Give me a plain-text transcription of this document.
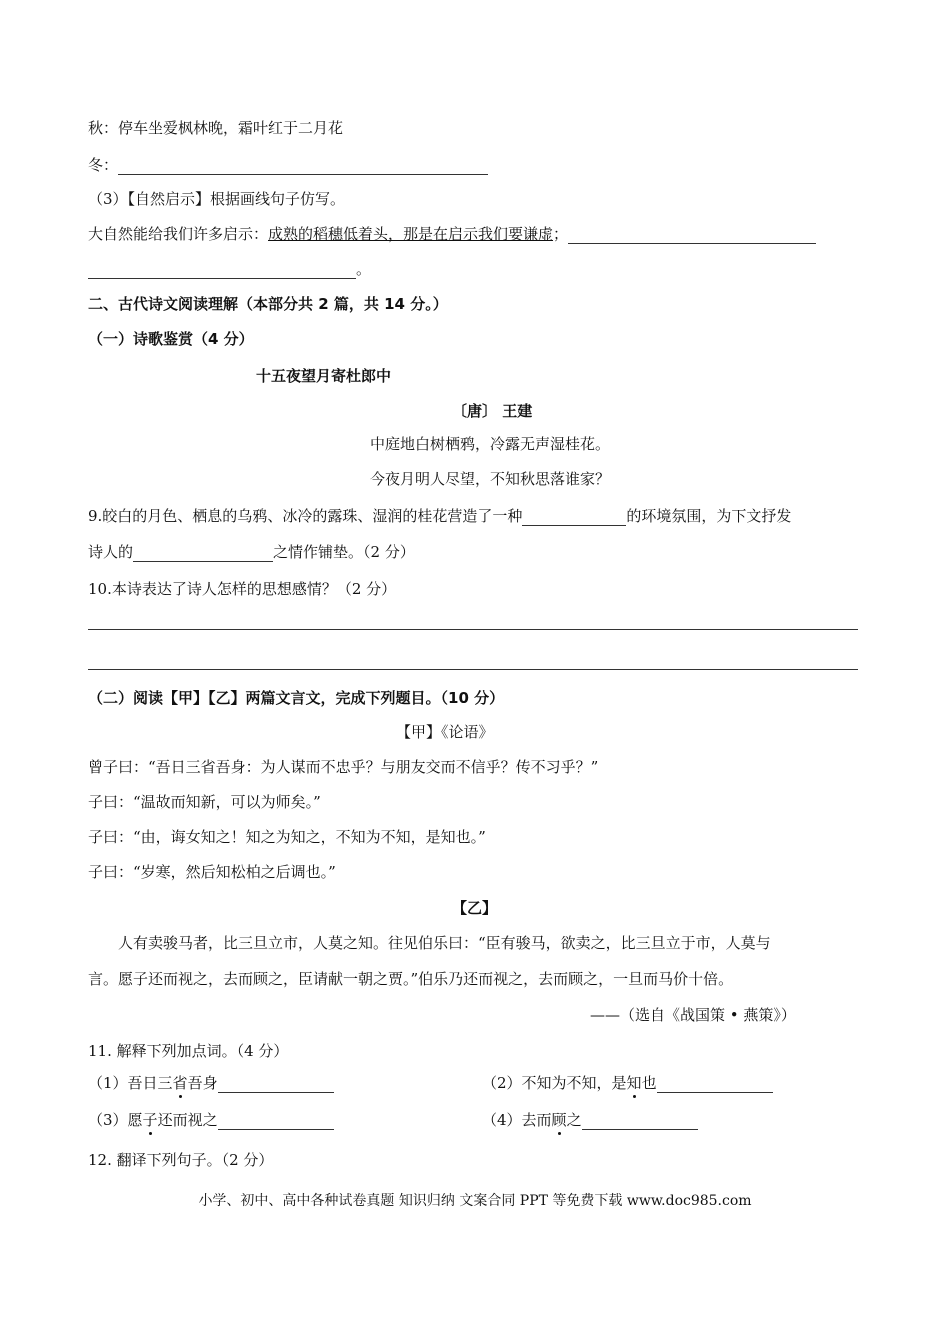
秋：停车坐爱枫林晚，霜叶红于二月花
冬：
（3）【自然启示】根据画线句子仿写。
大自然能给我们许多启示：成熟的稻穗低着头，那是在启示我们要谦虚；
。
二、古代诗文阅读理解（本部分共 2 篇，共 14 分。）
（一）诗歌鉴赏（4 分）
十五夜望月寄杜郎中
〔唐〕 王建
中庭地白树栖鸦，冷露无声湿桂花。
今夜月明人尽望，不知秋思落谁家？
9.皎白的月色、栖息的乌鸦、冰冷的露珠、湿润的桂花营造了一种	的环境氛围，为下文抒发
诗人的	之情作铺垫。（2 分）
10.本诗表达了诗人怎样的思想感情？（2 分）
（二）阅读【甲】【乙】两篇文言文，完成下列题目。（10 分）
【甲】《论语》
曾子曰：“吾日三省吾身：为人谋而不忠乎？与朋友交而不信乎？传不习乎？”
子曰：“温故而知新，可以为师矣。”
子曰：“由，诲女知之！知之为知之，不知为不知，是知也。”
子曰：“岁寒，然后知松柏之后调也。”
【乙】
人有卖骏马者，比三旦立市，人莫之知。往见伯乐曰：“臣有骏马，欲卖之，比三旦立于市，人莫与
言。愿子还而视之，去而顾之，臣请献一朝之贾。”伯乐乃还而视之，去而顾之，一旦而马价十倍。
——（选自《战国策 • 燕策》）
11. 解释下列加点词。（4 分）
（1）吾日三省吾身	（2）不知为不知，是知也
（3）愿子还而视之	（4）去而顾之
12. 翻译下列句子。（2 分）
小学、初中、高中各种试卷真题 知识归纳 文案合同 PPT 等免费下载 www.doc985.com
